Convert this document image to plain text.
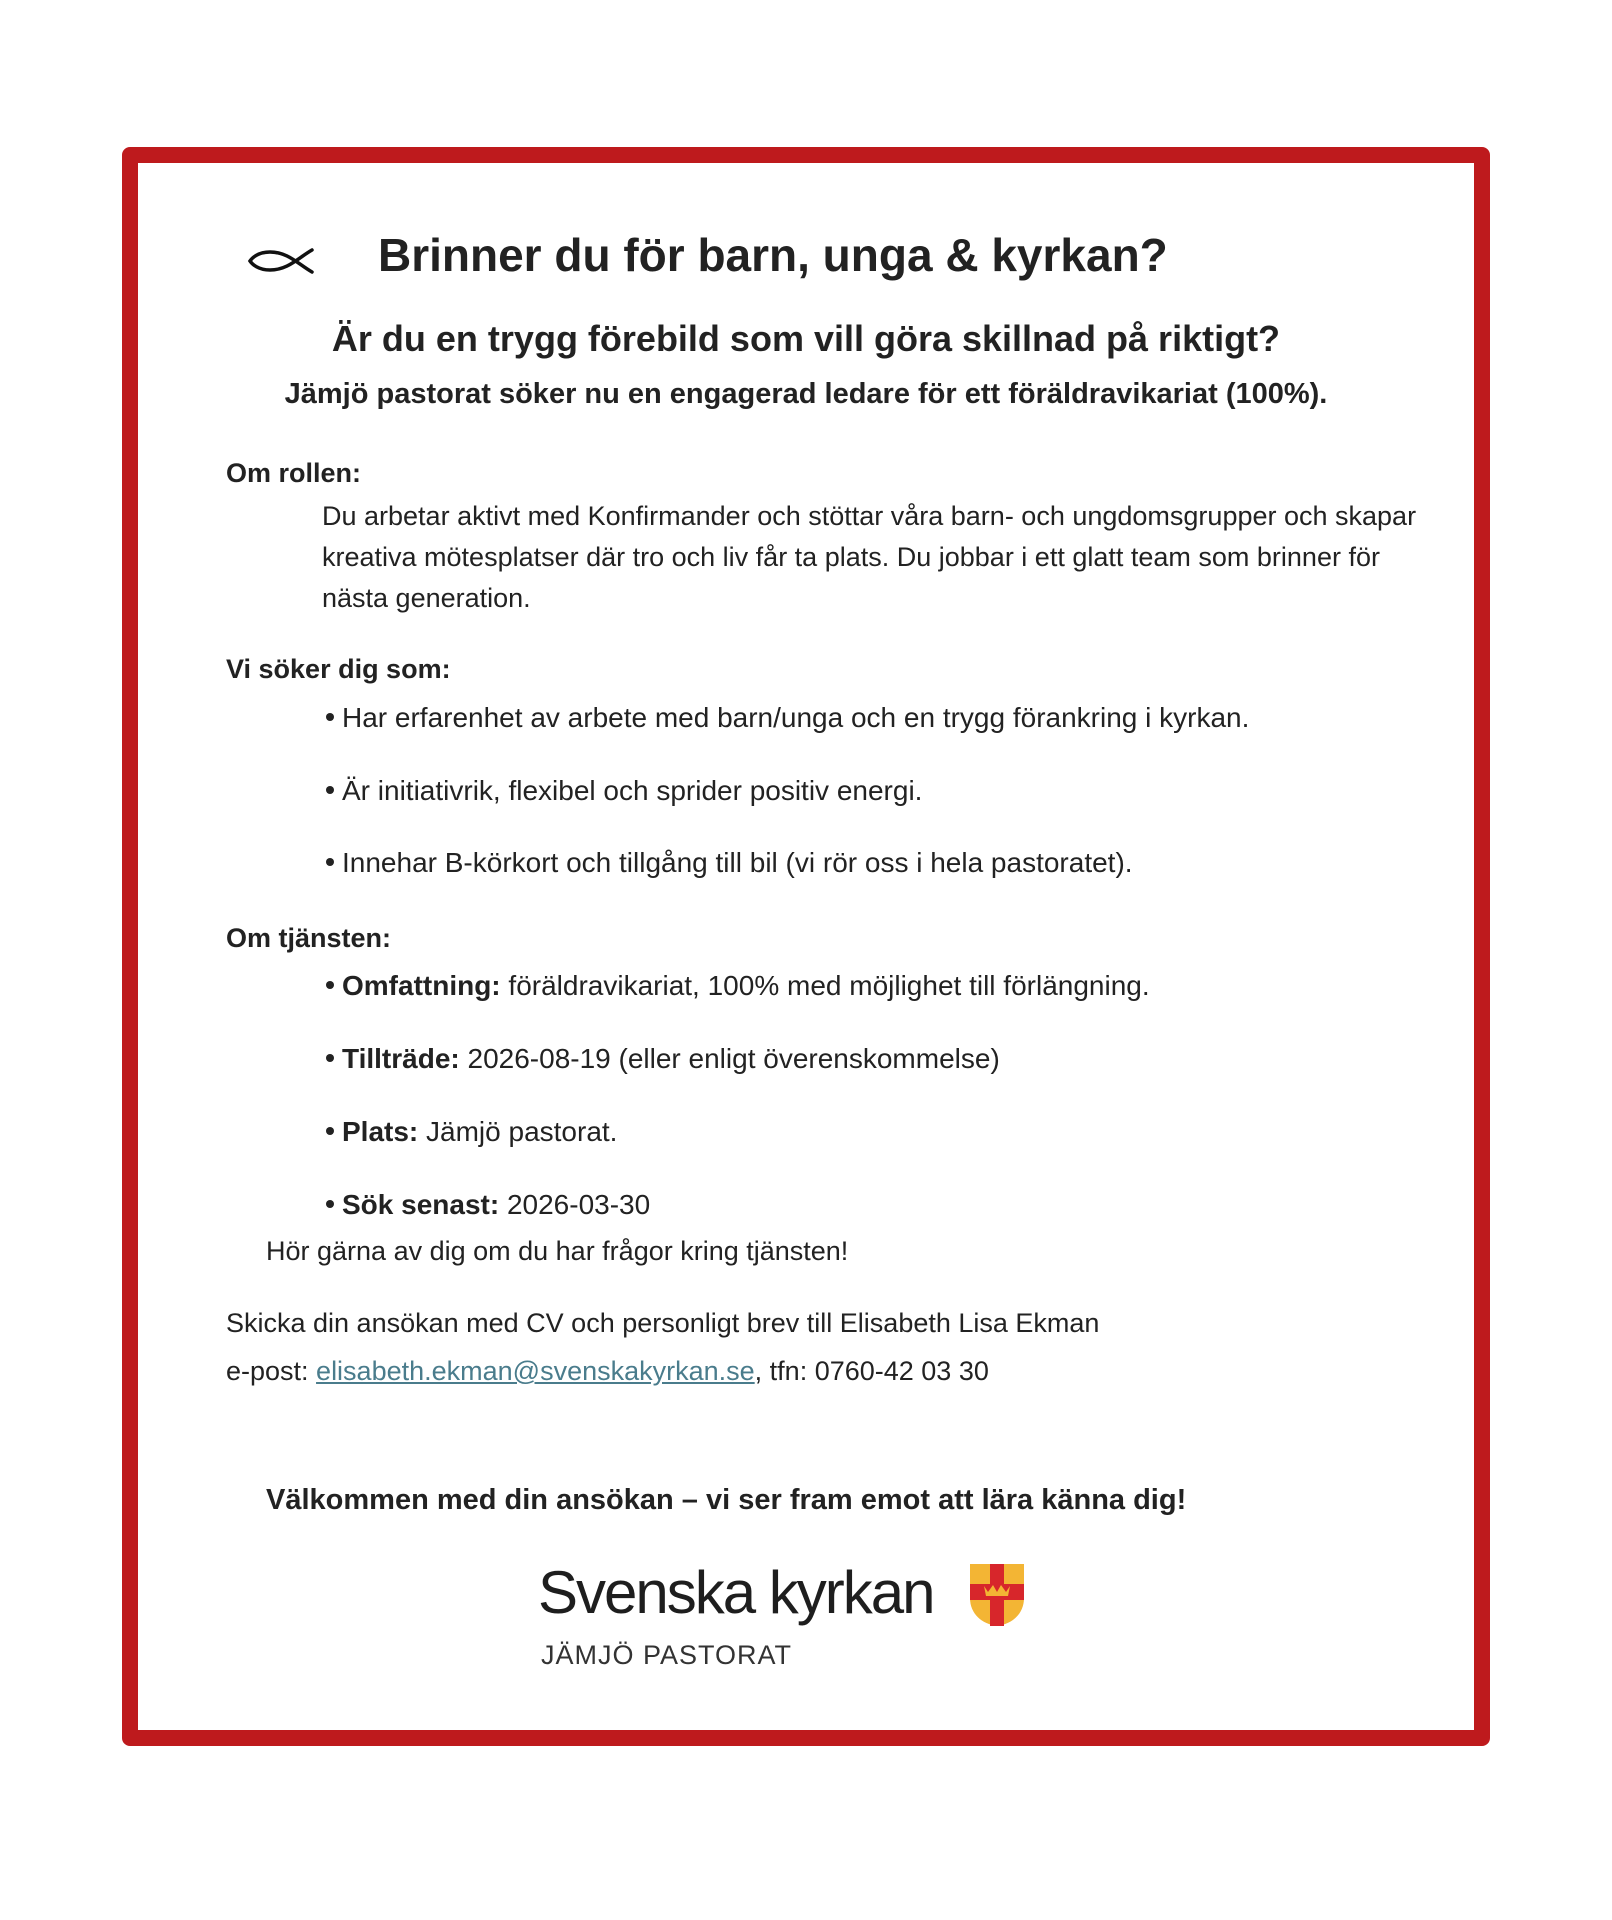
Brinner du för barn, unga & kyrkan?
Är du en trygg förebild som vill göra skillnad på riktigt?
Jämjö pastorat söker nu en engagerad ledare för ett föräldravikariat (100%).
Om rollen:
Du arbetar aktivt med Konfirmander och stöttar våra barn- och ungdomsgrupper och skapar kreativa mötesplatser där tro och liv får ta plats. Du jobbar i ett glatt team som brinner för nästa generation.
Vi söker dig som:
Har erfarenhet av arbete med barn/unga och en trygg förankring i kyrkan.
Är initiativrik, flexibel och sprider positiv energi.
Innehar B-körkort och tillgång till bil (vi rör oss i hela pastoratet).
Om tjänsten:
Omfattning: föräldravikariat, 100% med möjlighet till förlängning.
Tillträde: 2026-08-19 (eller enligt överenskommelse)
Plats: Jämjö pastorat.
Sök senast: 2026-03-30
Hör gärna av dig om du har frågor kring tjänsten!
Skicka din ansökan med CV och personligt brev till Elisabeth Lisa Ekman
e-post: elisabeth.ekman@svenskakyrkan.se, tfn: 0760-42 03 30
Välkommen med din ansökan – vi ser fram emot att lära känna dig!
Svenska kyrkan
JÄMJÖ PASTORAT
